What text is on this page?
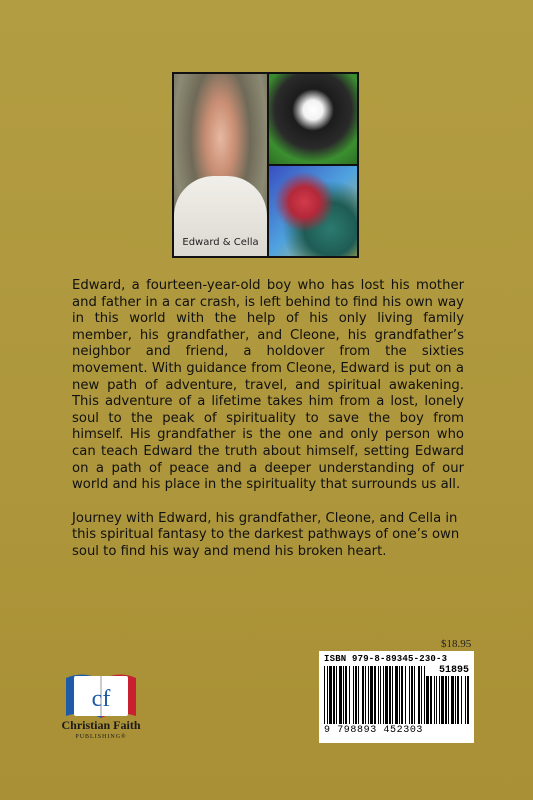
Edward & Cella

Edward, a fourteen-year-old boy who has lost his mother and father in a car crash, is left behind to find his own way in this world with the help of his only living family member, his grandfather, and Cleone, his grandfather’s neighbor and friend, a holdover from the sixties movement. With guidance from Cleone, Edward is put on a new path of adventure, travel, and spiritual awakening. This adventure of a lifetime takes him from a lost, lonely soul to the peak of spirituality to save the boy from himself. His grandfather is the one and only person who can teach Edward the truth about himself, setting Edward on a path of peace and a deeper understanding of our world and his place in the spirituality that surrounds us all.

Journey with Edward, his grandfather, Cleone, and Cella in this spiritual fantasy to the darkest pathways of one’s own soul to find his way and mend his broken heart.

cf
Christian Faith
PUBLISHING®
$18.95
ISBN 979-8-89345-230-3
51895
9 798893 452303
